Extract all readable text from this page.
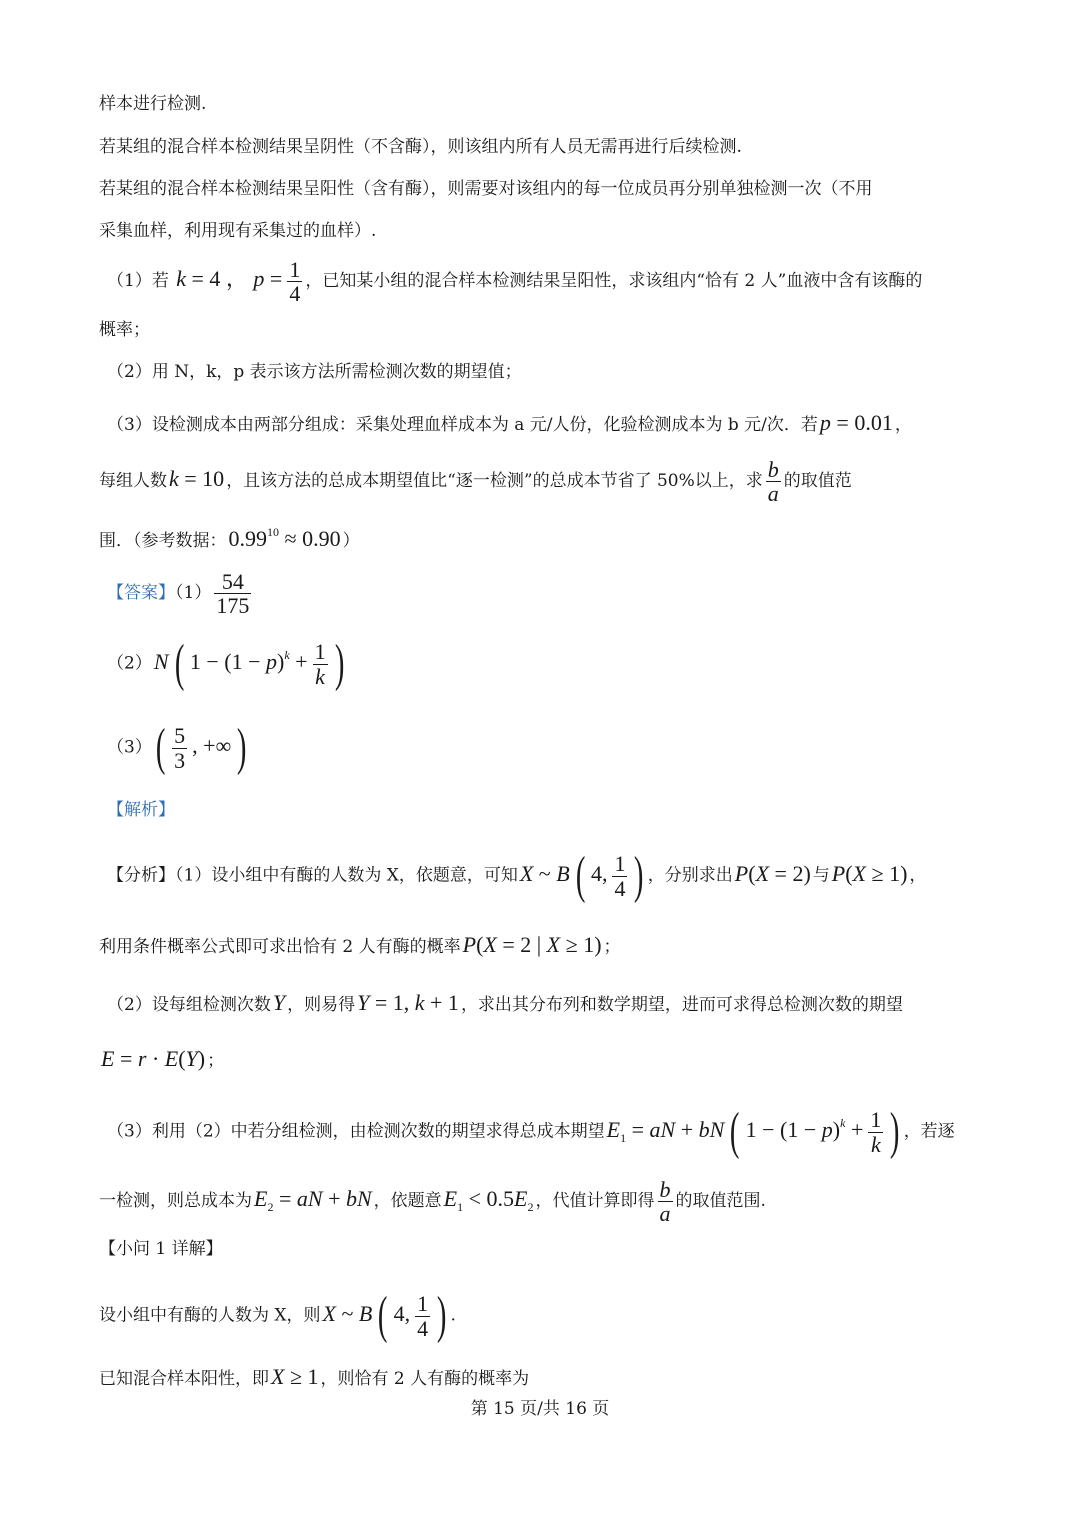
样本进行检测.
若某组的混合样本检测结果呈阴性（不含酶），则该组内所有人员无需再进行后续检测.
若某组的混合样本检测结果呈阳性（含有酶），则需要对该组内的每一位成员再分别单独检测一次（不用
采集血样，利用现有采集过的血样）.
（1）若 k = 4 ， $p = \frac{1}{4}$ ，已知某小组的混合样本检测结果呈阳性，求该组内“恰有 2 人”血液中含有该酶的
概率；
（2）用 N，k，p 表示该方法所需检测次数的期望值；
（3）设检测成本由两部分组成：采集处理血样成本为 a 元/人份，化验检测成本为 b 元/次．若p = 0.01 ，
每组人数k = 10 ，且该方法的总成本期望值比“逐一检测”的总成本节省了 50%以上，求 $\frac{b}{a}$ 的取值范
围．（参考数据：$0.99^{10} \approx 0.90$ ）
【答案】$(1) \frac{54}{175}$
（2）N ( $1 - (1 - p)^k + \frac{1}{k}$ )
$(3)( \frac{5}{3}$ , +∞ )
【解析】
【分析】（1）设小组中有酶的人数为 X，依题意，可知X ~ B ( 4, $\frac{1}{4}$ ) ，分别求出P(X = 2) 与P(X ≥ 1) ，
利用条件概率公式即可求出恰有 2 人有酶的概率P(X = 2 | X ≥ 1) ；
（2）设每组检测次数Y ，则易得Y = 1, k + 1 ，求出其分布列和数学期望，进而可求得总检测次数的期望
E = r · E(Y) ；
（3）利用（2）中若分组检测，由检测次数的期望求得总成本期望$E_1$ = aN + bN ( $1 - (1 - p)^k + \frac{1}{k}$ ) ，若逐
一检测，则总成本为$E_2$ = aN + bN ，依题意$E_1 < 0.5E_2$ ，代值计算即得 $\frac{b}{a}$ 的取值范围.
【小问 1 详解】
设小组中有酶的人数为 X，则X ~ B ( 4, $\frac{1}{4}$ ) .
已知混合样本阳性，即X ≥ 1 ，则恰有 2 人有酶的概率为
第 15 页/共 16 页
